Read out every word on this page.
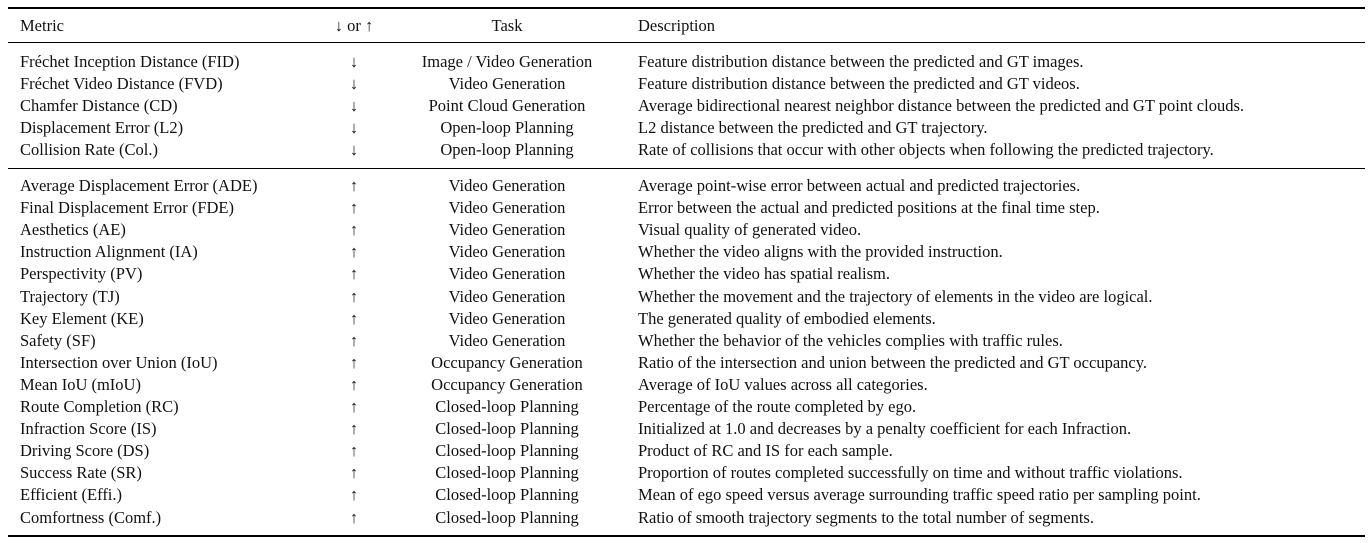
Metric	↓ or ↑	Task	Description
Fréchet Inception Distance (FID)	↓	Image / Video Generation	Feature distribution distance between the predicted and GT images.
Fréchet Video Distance (FVD)	↓	Video Generation	Feature distribution distance between the predicted and GT videos.
Chamfer Distance (CD)	↓	Point Cloud Generation	Average bidirectional nearest neighbor distance between the predicted and GT point clouds.
Displacement Error (L2)	↓	Open-loop Planning	L2 distance between the predicted and GT trajectory.
Collision Rate (Col.)	↓	Open-loop Planning	Rate of collisions that occur with other objects when following the predicted trajectory.
Average Displacement Error (ADE)	↑	Video Generation	Average point-wise error between actual and predicted trajectories.
Final Displacement Error (FDE)	↑	Video Generation	Error between the actual and predicted positions at the final time step.
Aesthetics (AE)	↑	Video Generation	Visual quality of generated video.
Instruction Alignment (IA)	↑	Video Generation	Whether the video aligns with the provided instruction.
Perspectivity (PV)	↑	Video Generation	Whether the video has spatial realism.
Trajectory (TJ)	↑	Video Generation	Whether the movement and the trajectory of elements in the video are logical.
Key Element (KE)	↑	Video Generation	The generated quality of embodied elements.
Safety (SF)	↑	Video Generation	Whether the behavior of the vehicles complies with traffic rules.
Intersection over Union (IoU)	↑	Occupancy Generation	Ratio of the intersection and union between the predicted and GT occupancy.
Mean IoU (mIoU)	↑	Occupancy Generation	Average of IoU values across all categories.
Route Completion (RC)	↑	Closed-loop Planning	Percentage of the route completed by ego.
Infraction Score (IS)	↑	Closed-loop Planning	Initialized at 1.0 and decreases by a penalty coefficient for each Infraction.
Driving Score (DS)	↑	Closed-loop Planning	Product of RC and IS for each sample.
Success Rate (SR)	↑	Closed-loop Planning	Proportion of routes completed successfully on time and without traffic violations.
Efficient (Effi.)	↑	Closed-loop Planning	Mean of ego speed versus average surrounding traffic speed ratio per sampling point.
Comfortness (Comf.)	↑	Closed-loop Planning	Ratio of smooth trajectory segments to the total number of segments.
